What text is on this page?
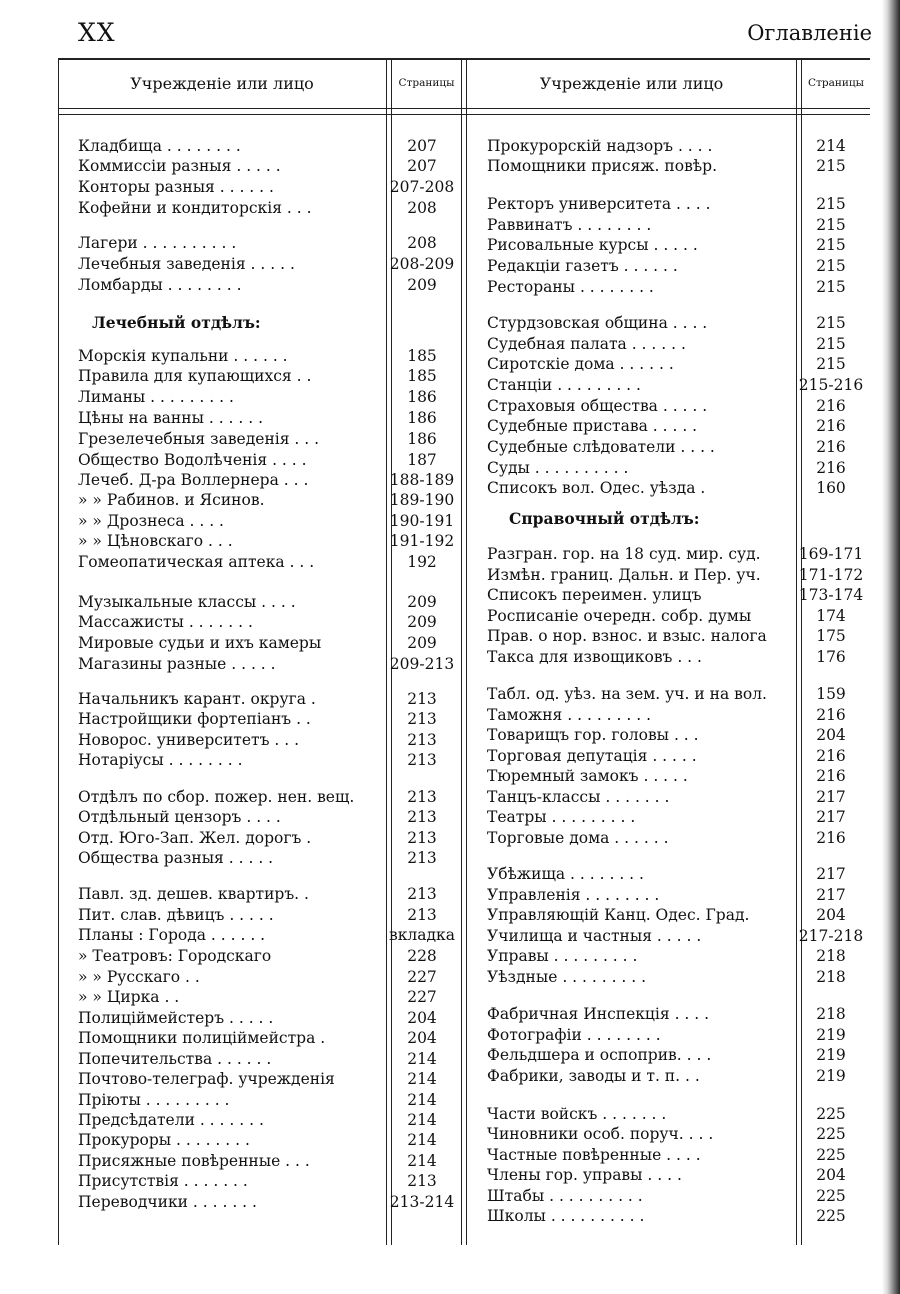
XX	Оглавленіе
Учрежденіе или лицо	Страницы	Учрежденіе или лицо	Страницы
Кладбища . . . . . . . .	207
Коммиссіи разныя . . . . .	207
Конторы разныя . . . . . .	207-208
Кофейни и кондиторскія . . .	208
Лагери . . . . . . . . . .	208
Лечебныя заведенія . . . . .	208-209
Ломбарды . . . . . . . .	209
Лечебный отдѣлъ:
Морскія купальни . . . . . .	185
Правила для купающихся . .	185
Лиманы . . . . . . . . .	186
Цѣны на ванны . . . . . .	186
Грезелечебныя заведенія . . .	186
Общество Водолѣченія . . . .	187
Лечеб. Д-ра Воллернера . . .	188-189
» » Рабинов. и Ясинов.	189-190
» » Дрознеса . . . .	190-191
» » Цѣновскаго . . .	191-192
Гомеопатическая аптека . . .	192
Музыкальные классы . . . .	209
Массажисты . . . . . . .	209
Мировые судьи и ихъ камеры	209
Магазины разные . . . . .	209-213
Начальникъ карант. округа .	213
Настройщики фортепіанъ . .	213
Новорос. университетъ . . .	213
Нотаріусы . . . . . . . .	213
Отдѣлъ по сбор. пожер. нен. вещ.	213
Отдѣльный цензоръ . . . .	213
Отд. Юго-Зап. Жел. дорогъ .	213
Общества разныя . . . . .	213
Павл. зд. дешев. квартиръ. .	213
Пит. слав. дѣвицъ . . . . .	213
Планы : Города . . . . . .	вкладка
» Театровъ: Городскаго	228
» » Русскаго . .	227
» » Цирка . .	227
Полиціймейстеръ . . . . .	204
Помощники полиціймейстра .	204
Попечительства . . . . . .	214
Почтово-телеграф. учрежденія	214
Пріюты . . . . . . . . .	214
Предсѣдатели . . . . . . .	214
Прокуроры . . . . . . . .	214
Присяжные повѣренные . . .	214
Присутствія . . . . . . .	213
Переводчики . . . . . . .	213-214
Прокурорскій надзоръ . . . .	214
Помощники присяж. повѣр.	215
Ректоръ университета . . . .	215
Раввинатъ . . . . . . . .	215
Рисовальные курсы . . . . .	215
Редакціи газетъ . . . . . .	215
Рестораны . . . . . . . .	215
Стурдзовская община . . . .	215
Судебная палата . . . . . .	215
Сиротскіе дома . . . . . .	215
Станціи . . . . . . . . .	215-216
Страховыя общества . . . . .	216
Судебные пристава . . . . .	216
Судебные слѣдователи . . . .	216
Суды . . . . . . . . . .	216
Списокъ вол. Одес. уѣзда .	160
Справочный отдѣлъ:
Разгран. гор. на 18 суд. мир. суд.	169-171
Измѣн. границ. Дальн. и Пер. уч.	171-172
Списокъ переимен. улицъ	173-174
Росписаніе очередн. собр. думы	174
Прав. о нор. взнос. и взыс. налога	175
Такса для извощиковъ . . .	176
Табл. од. уѣз. на зем. уч. и на вол.	159
Таможня . . . . . . . . .	216
Товарищъ гор. головы . . .	204
Торговая депутація . . . . .	216
Тюремный замокъ . . . . .	216
Танцъ-классы . . . . . . .	217
Театры . . . . . . . . .	217
Торговые дома . . . . . .	216
Убѣжища . . . . . . . .	217
Управленія . . . . . . . .	217
Управляющій Канц. Одес. Град.	204
Училища и частныя . . . . .	217-218
Управы . . . . . . . . .	218
Уѣздные . . . . . . . . .	218
Фабричная Инспекція . . . .	218
Фотографіи . . . . . . . .	219
Фельдшера и оспоприв. . . .	219
Фабрики, заводы и т. п. . .	219
Части войскъ . . . . . . .	225
Чиновники особ. поруч. . . .	225
Частные повѣренные . . . .	225
Члены гор. управы . . . .	204
Штабы . . . . . . . . . .	225
Школы . . . . . . . . . .	225
